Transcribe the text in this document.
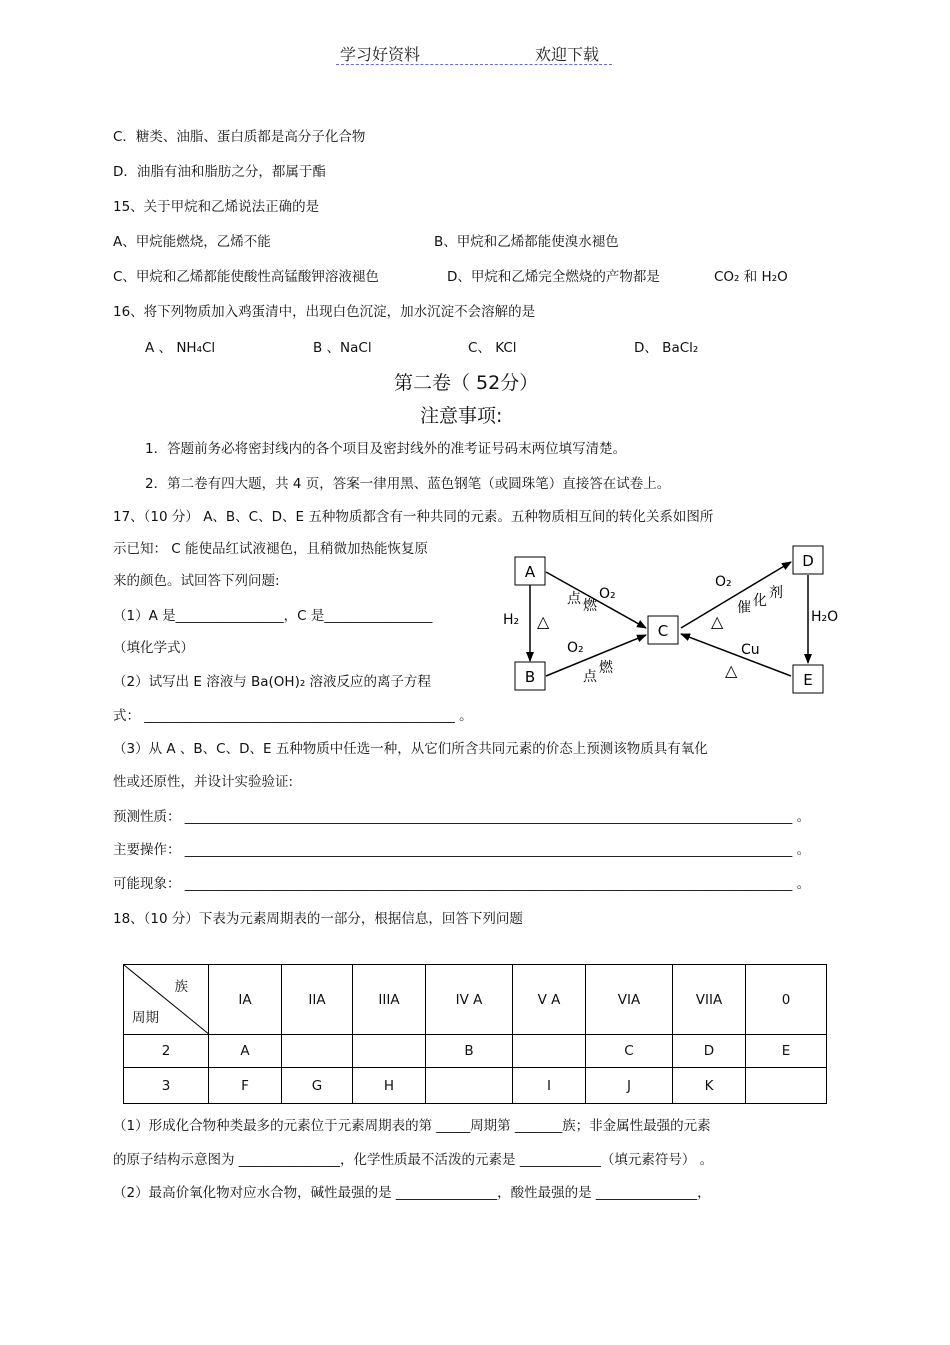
学习好资料	欢迎下载
C．糖类、油脂、蛋白质都是高分子化合物
D．油脂有油和脂肪之分，都属于酯
15、关于甲烷和乙烯说法正确的是
A、甲烷能燃烧，乙烯不能	B、甲烷和乙烯都能使溴水褪色
C、甲烷和乙烯都能使酸性高锰酸钾溶液褪色	D、甲烷和乙烯完全燃烧的产物都是	CO₂ 和 H₂O
16、将下列物质加入鸡蛋清中，出现白色沉淀，加水沉淀不会溶解的是
A 、 NH₄Cl	B 、NaCl	C、 KCl	D、 BaCl₂
第二卷（ 52分）
注意事项:
1．答题前务必将密封线内的各个项目及密封线外的准考证号码末两位填写清楚。
2．第二卷有四大题，共 4 页，答案一律用黑、蓝色钢笔（或圆珠笔）直接答在试卷上。
17、（10 分） A、B、C、D、E 五种物质都含有一种共同的元素。五种物质相互间的转化关系如图所
示已知： C 能使品红试液褪色，且稍微加热能恢复原
来的颜色。试回答下列问题:
（1）A 是________________，C 是________________
（填化学式）
（2）试写出 E 溶液与 Ba(OH)₂ 溶液反应的离子方程
式： ______________________________________________ 。
（3）从 A 、B、C、D、E 五种物质中任选一种，从它们所含共同元素的价态上预测该物质具有氧化
性或还原性，并设计实验验证:
预测性质： __________________________________________________________________________________________ 。
主要操作： __________________________________________________________________________________________ 。
可能现象： __________________________________________________________________________________________ 。
A
B
C
D
E
O₂
点 燃
H₂ △
O₂
燃
点
O₂
催 化 剂
△	H₂O
Cu
△
18、（10 分）下表为元素周期表的一部分，根据信息，回答下列问题
族
周期	IA	IIA	IIIA	IV A	V A	VIA	VIIA	0
2	A			B		C	D	E
3	F	G	H		I	J	K	
（1）形成化合物种类最多的元素位于元素周期表的第 _____周期第 _______族；非金属性最强的元素
的原子结构示意图为 _______________，化学性质最不活泼的元素是 ____________（填元素符号） 。
（2）最高价氧化物对应水合物，碱性最强的是 _______________，酸性最强的是 _______________，
